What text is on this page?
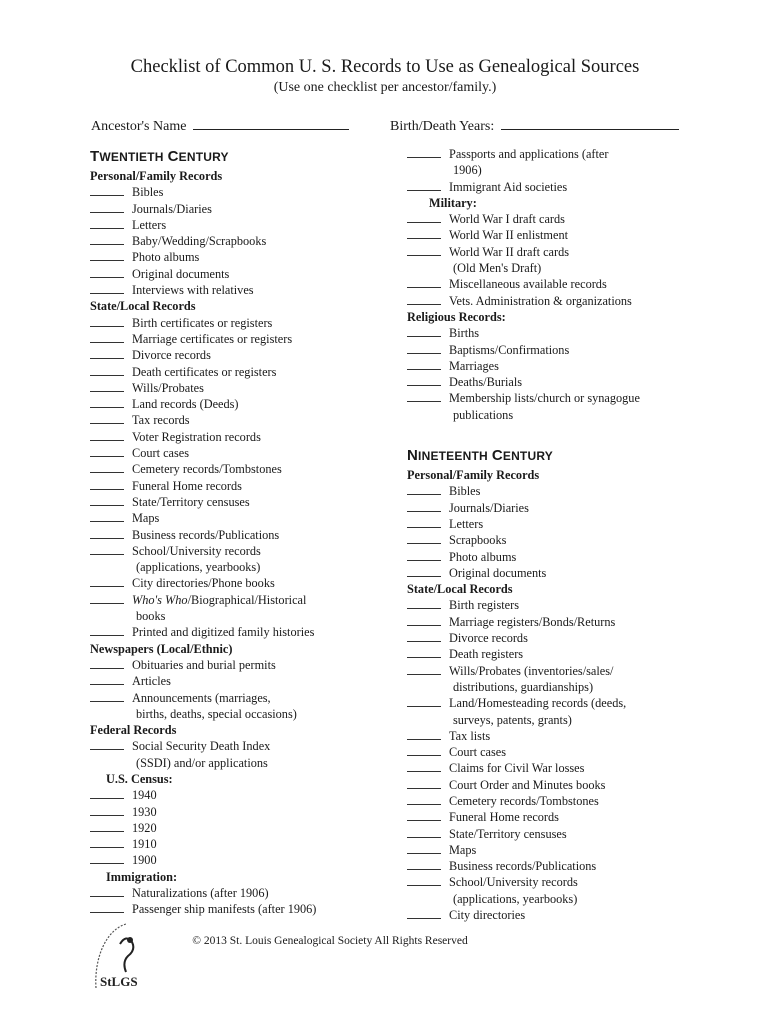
Checklist of Common U. S. Records to Use as Genealogical Sources
(Use one checklist per ancestor/family.)
Ancestor's Name	Birth/Death Years:
TWENTIETH CENTURY
Personal/Family Records
Bibles
Journals/Diaries
Letters
Baby/Wedding/Scrapbooks
Photo albums
Original documents
Interviews with relatives
State/Local Records
Birth certificates or registers
Marriage certificates or registers
Divorce records
Death certificates or registers
Wills/Probates
Land records (Deeds)
Tax records
Voter Registration records
Court cases
Cemetery records/Tombstones
Funeral Home records
State/Territory censuses
Maps
Business records/Publications
School/University records
(applications, yearbooks)
City directories/Phone books
Who's Who/Biographical/Historical
books
Printed and digitized family histories
Newspapers (Local/Ethnic)
Obituaries and burial permits
Articles
Announcements (marriages,
births, deaths, special occasions)
Federal Records
Social Security Death Index
(SSDI) and/or applications
U.S. Census:
1940
1930
1920
1910
1900
Immigration:
Naturalizations (after 1906)
Passenger ship manifests (after 1906)
Passports and applications (after
1906)
Immigrant Aid societies
Military:
World War I draft cards
World War II enlistment
World War II draft cards
(Old Men's Draft)
Miscellaneous available records
Vets. Administration & organizations
Religious Records:
Births
Baptisms/Confirmations
Marriages
Deaths/Burials
Membership lists/church or synagogue
publications
NINETEENTH CENTURY
Personal/Family Records
Bibles
Journals/Diaries
Letters
Scrapbooks
Photo albums
Original documents
State/Local Records
Birth registers
Marriage registers/Bonds/Returns
Divorce records
Death registers
Wills/Probates (inventories/sales/
distributions, guardianships)
Land/Homesteading records (deeds,
surveys, patents, grants)
Tax lists
Court cases
Claims for Civil War losses
Court Order and Minutes books
Cemetery records/Tombstones
Funeral Home records
State/Territory censuses
Maps
Business records/Publications
School/University records
(applications, yearbooks)
City directories
StLGS
© 2013 St. Louis Genealogical Society All Rights Reserved
